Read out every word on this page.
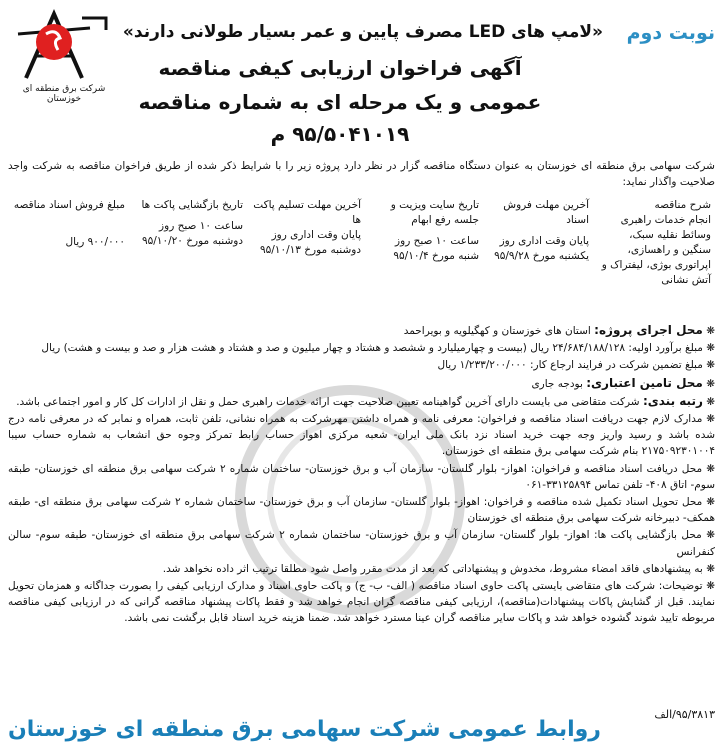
شرکت برق منطقه ای خوزستان
نوبت دوم
«لامپ های LED مصرف پایین و عمر بسیار طولانی دارند»
آگهی فراخوان ارزیابی کیفی مناقصه
عمومی و یک مرحله ای به شماره مناقصه
۹۵/۵۰۴۱۰۱۹ م
شرکت سهامی برق منطقه ای خوزستان به عنوان دستگاه مناقصه گزار در نظر دارد پروژه زیر را با شرایط ذکر شده از طریق فراخوان مناقصه به شرکت واجد صلاحیت واگذار نماید:
شرح مناقصه
انجام خدمات راهبری وسائط نقلیه سبک، سنگین و راهسازی، اپراتوری بوژی، لیفتراک و آتش نشانی
آخرین مهلت فروش اسناد
پایان وقت اداری روز یکشنبه مورخ ۹۵/۹/۲۸
تاریخ سایت ویزیت و جلسه رفع ابهام
ساعت ۱۰ صبح روز شنبه مورخ ۹۵/۱۰/۴
آخرین مهلت تسلیم پاکت ها
پایان وقت اداری روز دوشنبه مورخ ۹۵/۱۰/۱۳
تاریخ بازگشایی پاکت ها
ساعت ۱۰ صبح روز دوشنبه مورخ ۹۵/۱۰/۲۰
مبلغ فروش اسناد مناقصه
۹۰۰/۰۰۰ ریال

❋ محل اجرای پروژه: استان های خوزستان و کهگیلویه و بویراحمد

❋ مبلغ برآورد اولیه: ۲۴/۶۸۴/۱۸۸/۱۲۸ ریال (بیست و چهارمیلیارد و ششصد و هشتاد و چهار میلیون و صد و هشتاد و هشت هزار و صد و بیست و هشت) ریال

❋ مبلغ تضمین شرکت در فرایند ارجاع کار: ۱/۲۳۳/۲۰۰/۰۰۰ ریال

❋ محل تامین اعتباری: بودجه جاری

❋ رتبه بندی: شرکت متقاضی می بایست دارای آخرین گواهینامه تعیین صلاحیت جهت ارائه خدمات راهبری حمل و نقل از ادارات کل کار و امور اجتماعی باشد.

❋ مدارک لازم جهت دریافت اسناد مناقصه و فراخوان: معرفی نامه و همراه داشتن مهرشرکت به همراه نشانی، تلفن ثابت، همراه و نمابر که در معرفی نامه درج شده باشد و رسید واریز وجه جهت خرید اسناد نزد بانک ملی ایران- شعبه مرکزی اهواز حساب رابط تمرکز وجوه حق انشعاب به شماره حساب سیبا ۲۱۷۵۰۹۲۳۰۱۰۰۴ بنام شرکت سهامی برق منطقه ای خوزستان.

❋ محل دریافت اسناد مناقصه و فراخوان: اهواز- بلوار گلستان- سازمان آب و برق خوزستان- ساختمان شماره ۲ شرکت سهامی برق منطقه ای خوزستان- طبقه سوم- اتاق ۴۰۸- تلفن تماس ۳۳۱۲۵۸۹۴-۰۶۱

❋ محل تحویل اسناد تکمیل شده مناقصه و فراخوان: اهواز- بلوار گلستان- سازمان آب و برق خوزستان- ساختمان شماره ۲ شرکت سهامی برق منطقه ای- طبقه همکف- دبیرخانه شرکت سهامی برق منطقه ای خوزستان

❋ محل بازگشایی پاکت ها: اهواز- بلوار گلستان- سازمان آب و برق خوزستان- ساختمان شماره ۲ شرکت سهامی برق منطقه ای خوزستان- طبقه سوم- سالن کنفرانس

❋ به پیشنهادهای فاقد امضاء مشروط، مخدوش و پیشنهاداتی که بعد از مدت مقرر واصل شود مطلقا ترتیب اثر داده نخواهد شد.

❋ توضیحات: شرکت های متقاضی بایستی پاکت حاوی اسناد مناقصه ( الف- ب- ج) و پاکت حاوی اسناد و مدارک ارزیابی کیفی را بصورت جداگانه و همزمان تحویل نمایند. قبل از گشایش پاکات پیشنهادات(مناقصه)، ارزیابی کیفی مناقصه گران انجام خواهد شد و فقط پاکات پیشنهاد مناقصه گرانی که در ارزیابی کیفی مناقصه مربوطه تایید شوند گشوده خواهد شد و پاکات سایر مناقصه گران عینا مسترد خواهد شد. ضمنا هزینه خرید اسناد قابل برگشت نمی باشد.

۹۵/۳۸۱۳/الف
روابط عمومی شرکت سهامی برق منطقه ای خوزستان
